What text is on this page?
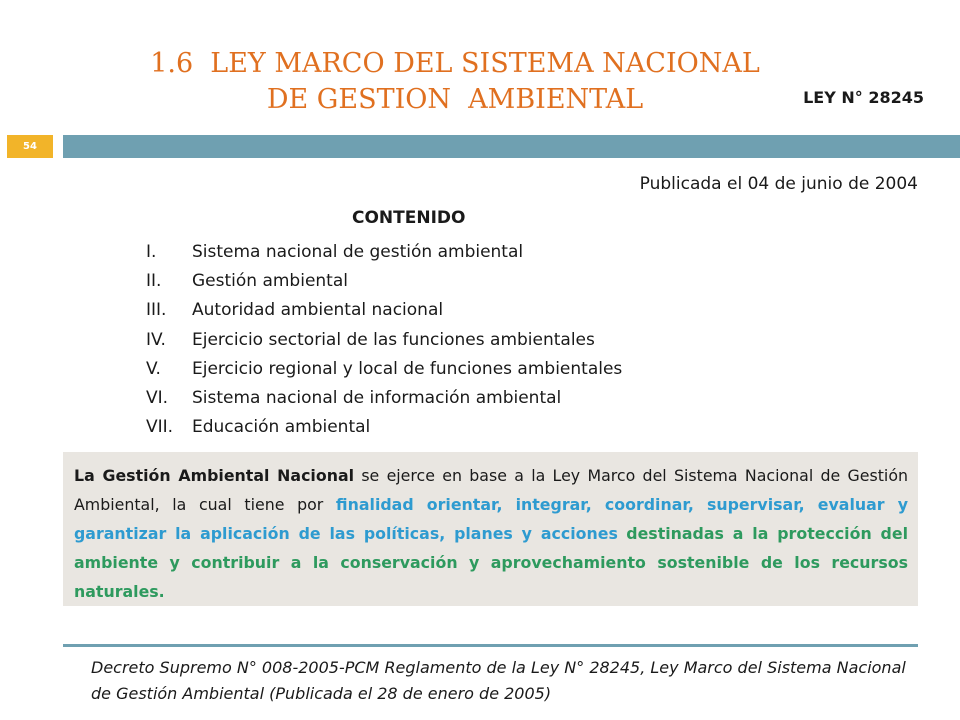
1.6  LEY MARCO DEL SISTEMA NACIONAL
DE GESTION  AMBIENTAL	LEY N° 28245
54
Publicada el 04 de junio de 2004
CONTENIDO
I.	Sistema nacional de gestión ambiental
II.	Gestión ambiental
III.	Autoridad ambiental nacional
IV.	Ejercicio sectorial de las funciones ambientales
V.	Ejercicio regional y local de funciones ambientales
VI.	Sistema nacional de información ambiental
VII.	Educación ambiental
La Gestión Ambiental Nacional se ejerce en base a la Ley Marco del Sistema Nacional de Gestión Ambiental, la cual tiene por finalidad orientar, integrar, coordinar, supervisar, evaluar y garantizar la aplicación de las políticas, planes y acciones destinadas a la protección del ambiente y contribuir a la conservación y aprovechamiento sostenible de los recursos naturales.
Decreto Supremo N° 008-2005-PCM Reglamento de la Ley N° 28245, Ley Marco del Sistema Nacional de Gestión Ambiental (Publicada el 28 de enero de 2005)
